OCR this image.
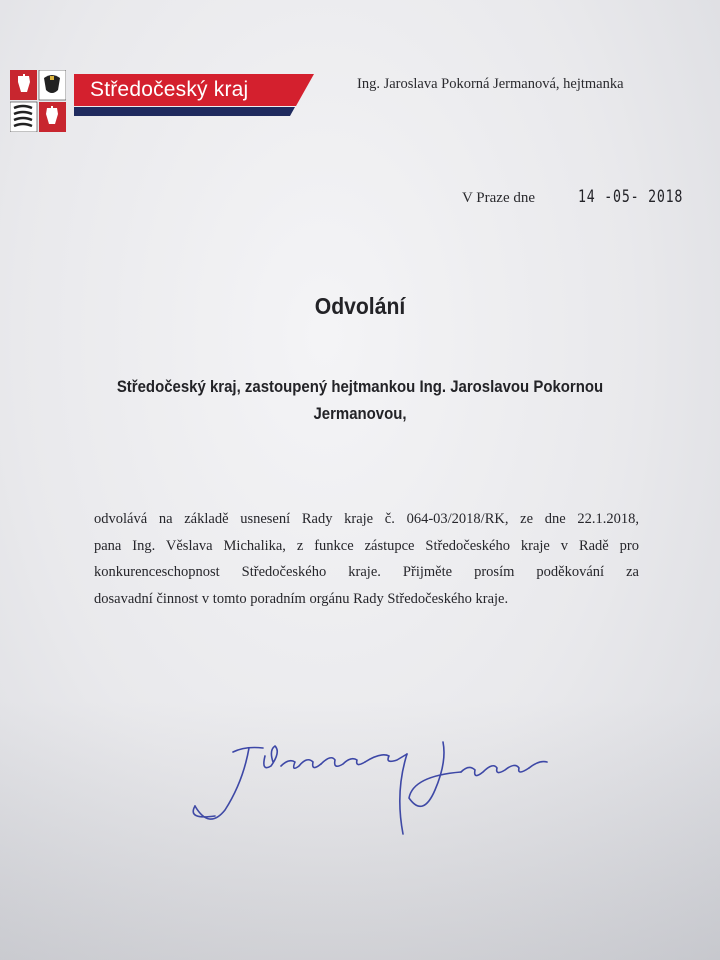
Středočeský kraj	Ing. Jaroslava Pokorná Jermanová, hejtmanka
V Praze dne	14 -05- 2018
Odvolání
Středočeský kraj, zastoupený hejtmankou Ing. Jaroslavou Pokornou
Jermanovou,
odvolává na základě usnesení Rady kraje č. 064-03/2018/RK, ze dne 22.1.2018,
pana Ing. Věslava Michalika, z funkce zástupce Středočeského kraje v Radě pro
konkurenceschopnost Středočeského kraje. Přijměte prosím poděkování za
dosavadní činnost v tomto poradním orgánu Rady Středočeského kraje.
